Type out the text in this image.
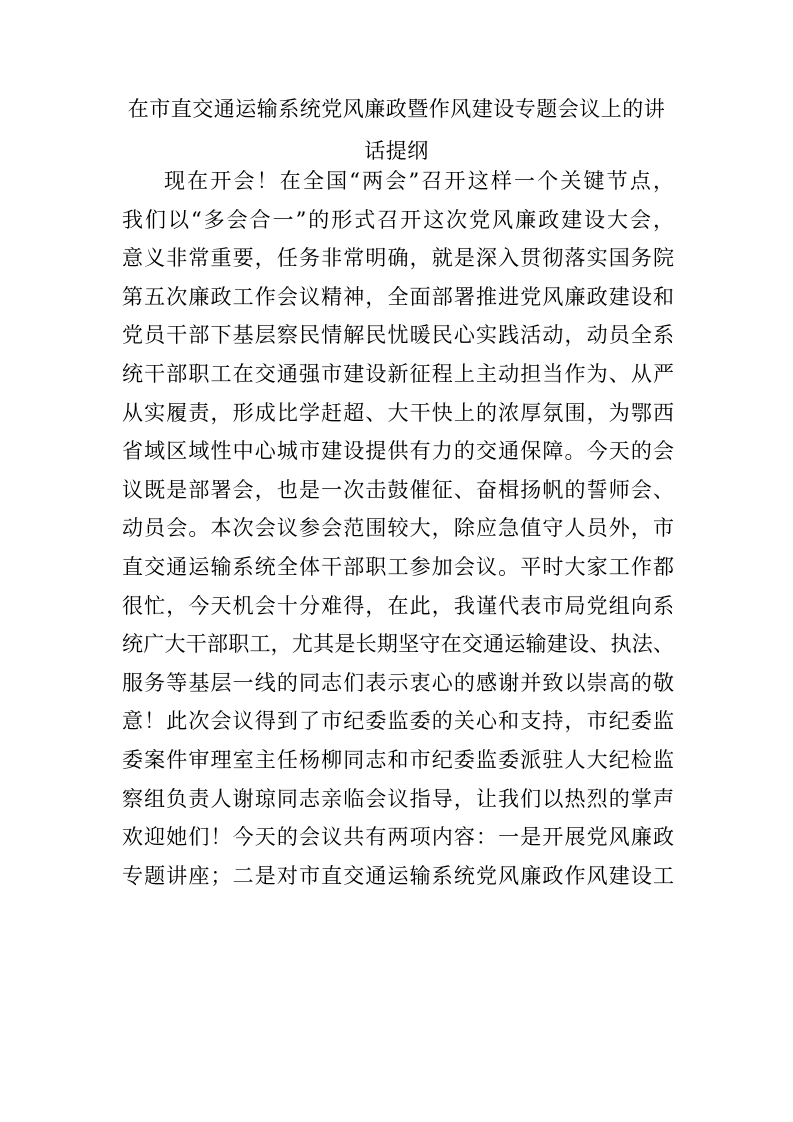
在市直交通运输系统党风廉政暨作风建设专题会议上的讲
话提纲
现在开会！在全国“两会”召开这样一个关键节点，
我们以“多会合一”的形式召开这次党风廉政建设大会，
意义非常重要，任务非常明确，就是深入贯彻落实国务院
第五次廉政工作会议精神，全面部署推进党风廉政建设和
党员干部下基层察民情解民忧暖民心实践活动，动员全系
统干部职工在交通强市建设新征程上主动担当作为、从严
从实履责，形成比学赶超、大干快上的浓厚氛围，为鄂西
省域区域性中心城市建设提供有力的交通保障。今天的会
议既是部署会，也是一次击鼓催征、奋楫扬帆的誓师会、
动员会。本次会议参会范围较大，除应急值守人员外，市
直交通运输系统全体干部职工参加会议。平时大家工作都
很忙，今天机会十分难得，在此，我谨代表市局党组向系
统广大干部职工，尤其是长期坚守在交通运输建设、执法、
服务等基层一线的同志们表示衷心的感谢并致以崇高的敬
意！此次会议得到了市纪委监委的关心和支持，市纪委监
委案件审理室主任杨柳同志和市纪委监委派驻人大纪检监
察组负责人谢琼同志亲临会议指导，让我们以热烈的掌声
欢迎她们！今天的会议共有两项内容：一是开展党风廉政
专题讲座；二是对市直交通运输系统党风廉政作风建设工
